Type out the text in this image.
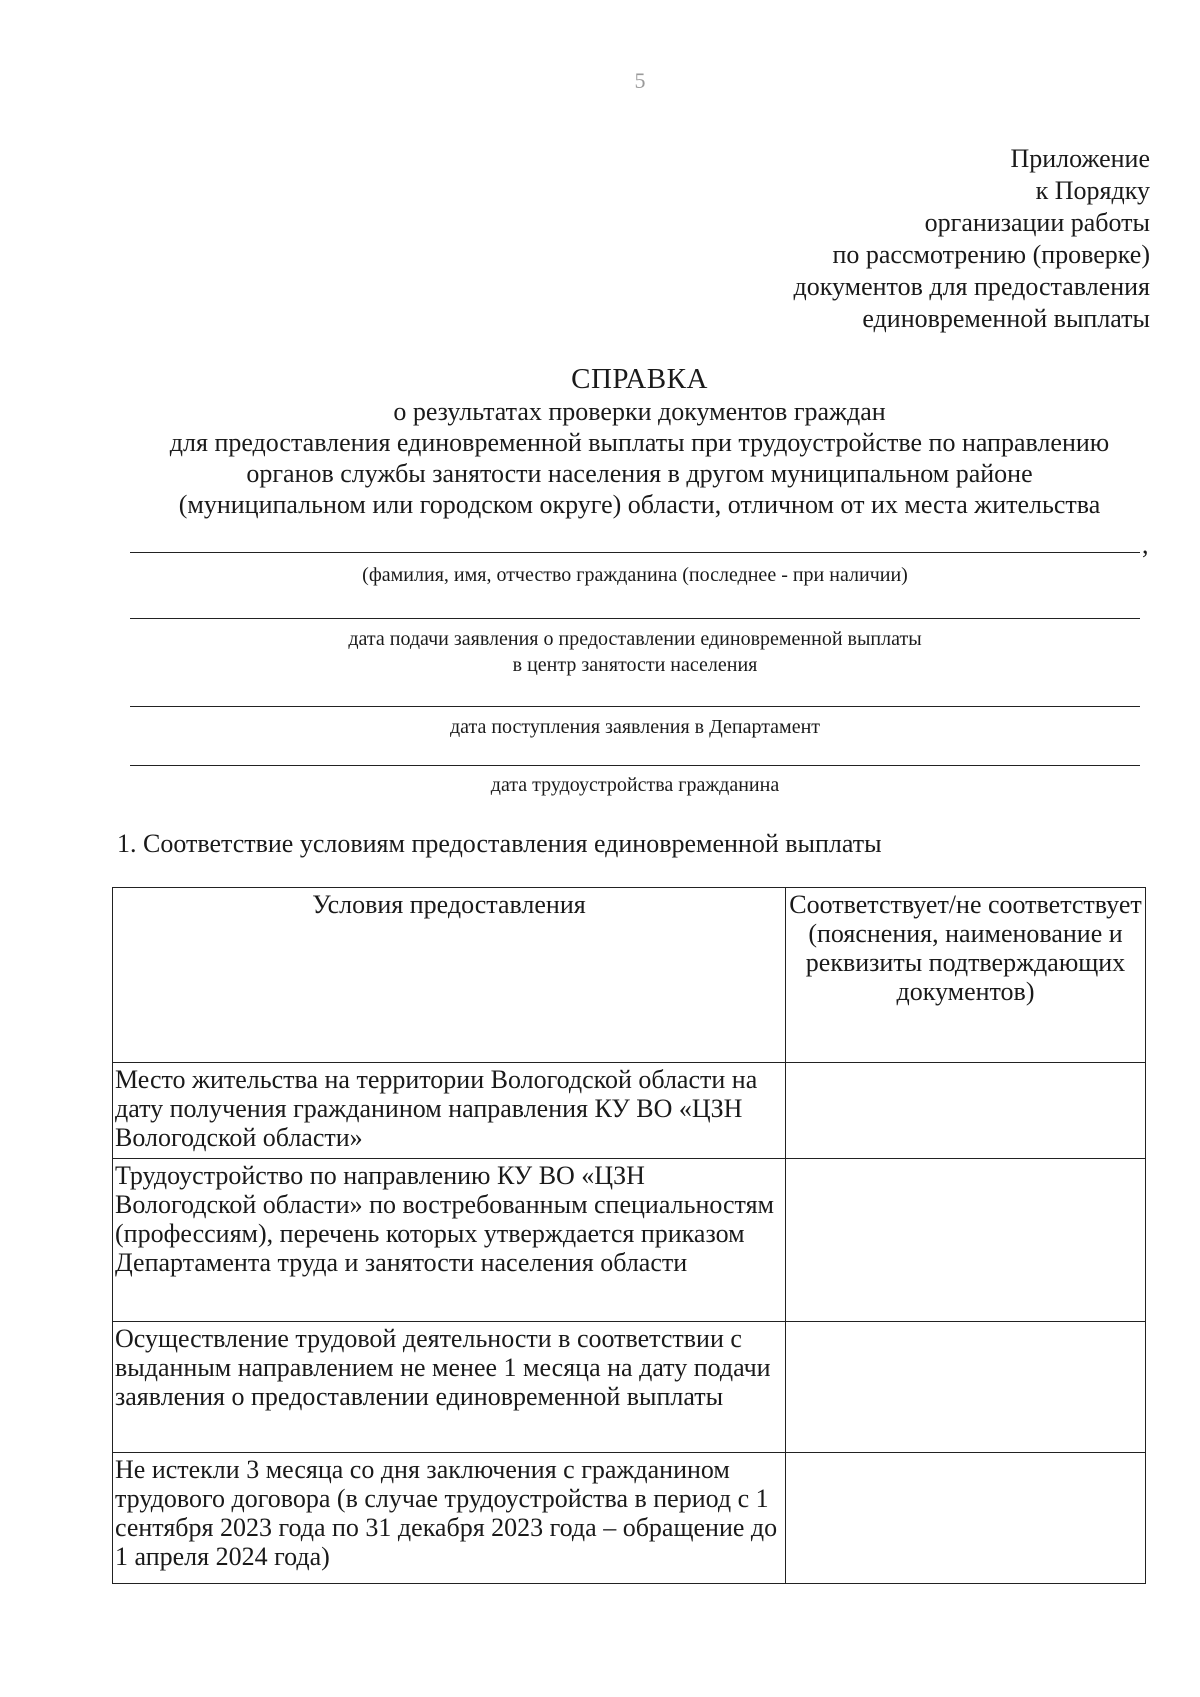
5
Приложение
к Порядку
организации работы
по рассмотрению (проверке)
документов для предоставления
единовременной выплаты
СПРАВКА
о результатах проверки документов граждан
для предоставления единовременной выплаты при трудоустройстве по направлению
органов службы занятости населения в другом муниципальном районе
(муниципальном или городском округе) области, отличном от их места жительства
,
(фамилия, имя, отчество гражданина (последнее - при наличии)
дата подачи заявления о предоставлении единовременной выплаты
в центр занятости населения
дата поступления заявления в Департамент
дата трудоустройства гражданина
1. Соответствие условиям предоставления единовременной выплаты
Условия предоставления	Соответствует/не соответствует (пояснения, наименование и реквизиты подтверждающих документов)
Место жительства на территории Вологодской области на дату получения гражданином направления КУ ВО «ЦЗН Вологодской области»	
Трудоустройство по направлению КУ ВО «ЦЗН Вологодской области» по востребованным специальностям (профессиям), перечень которых утверждается приказом Департамента труда и занятости населения области	
Осуществление трудовой деятельности в соответствии с выданным направлением не менее 1 месяца на дату подачи заявления о предоставлении единовременной выплаты	
Не истекли 3 месяца со дня заключения с гражданином трудового договора (в случае трудоустройства в период с 1 сентября 2023 года по 31 декабря 2023 года – обращение до 1 апреля 2024 года)	
